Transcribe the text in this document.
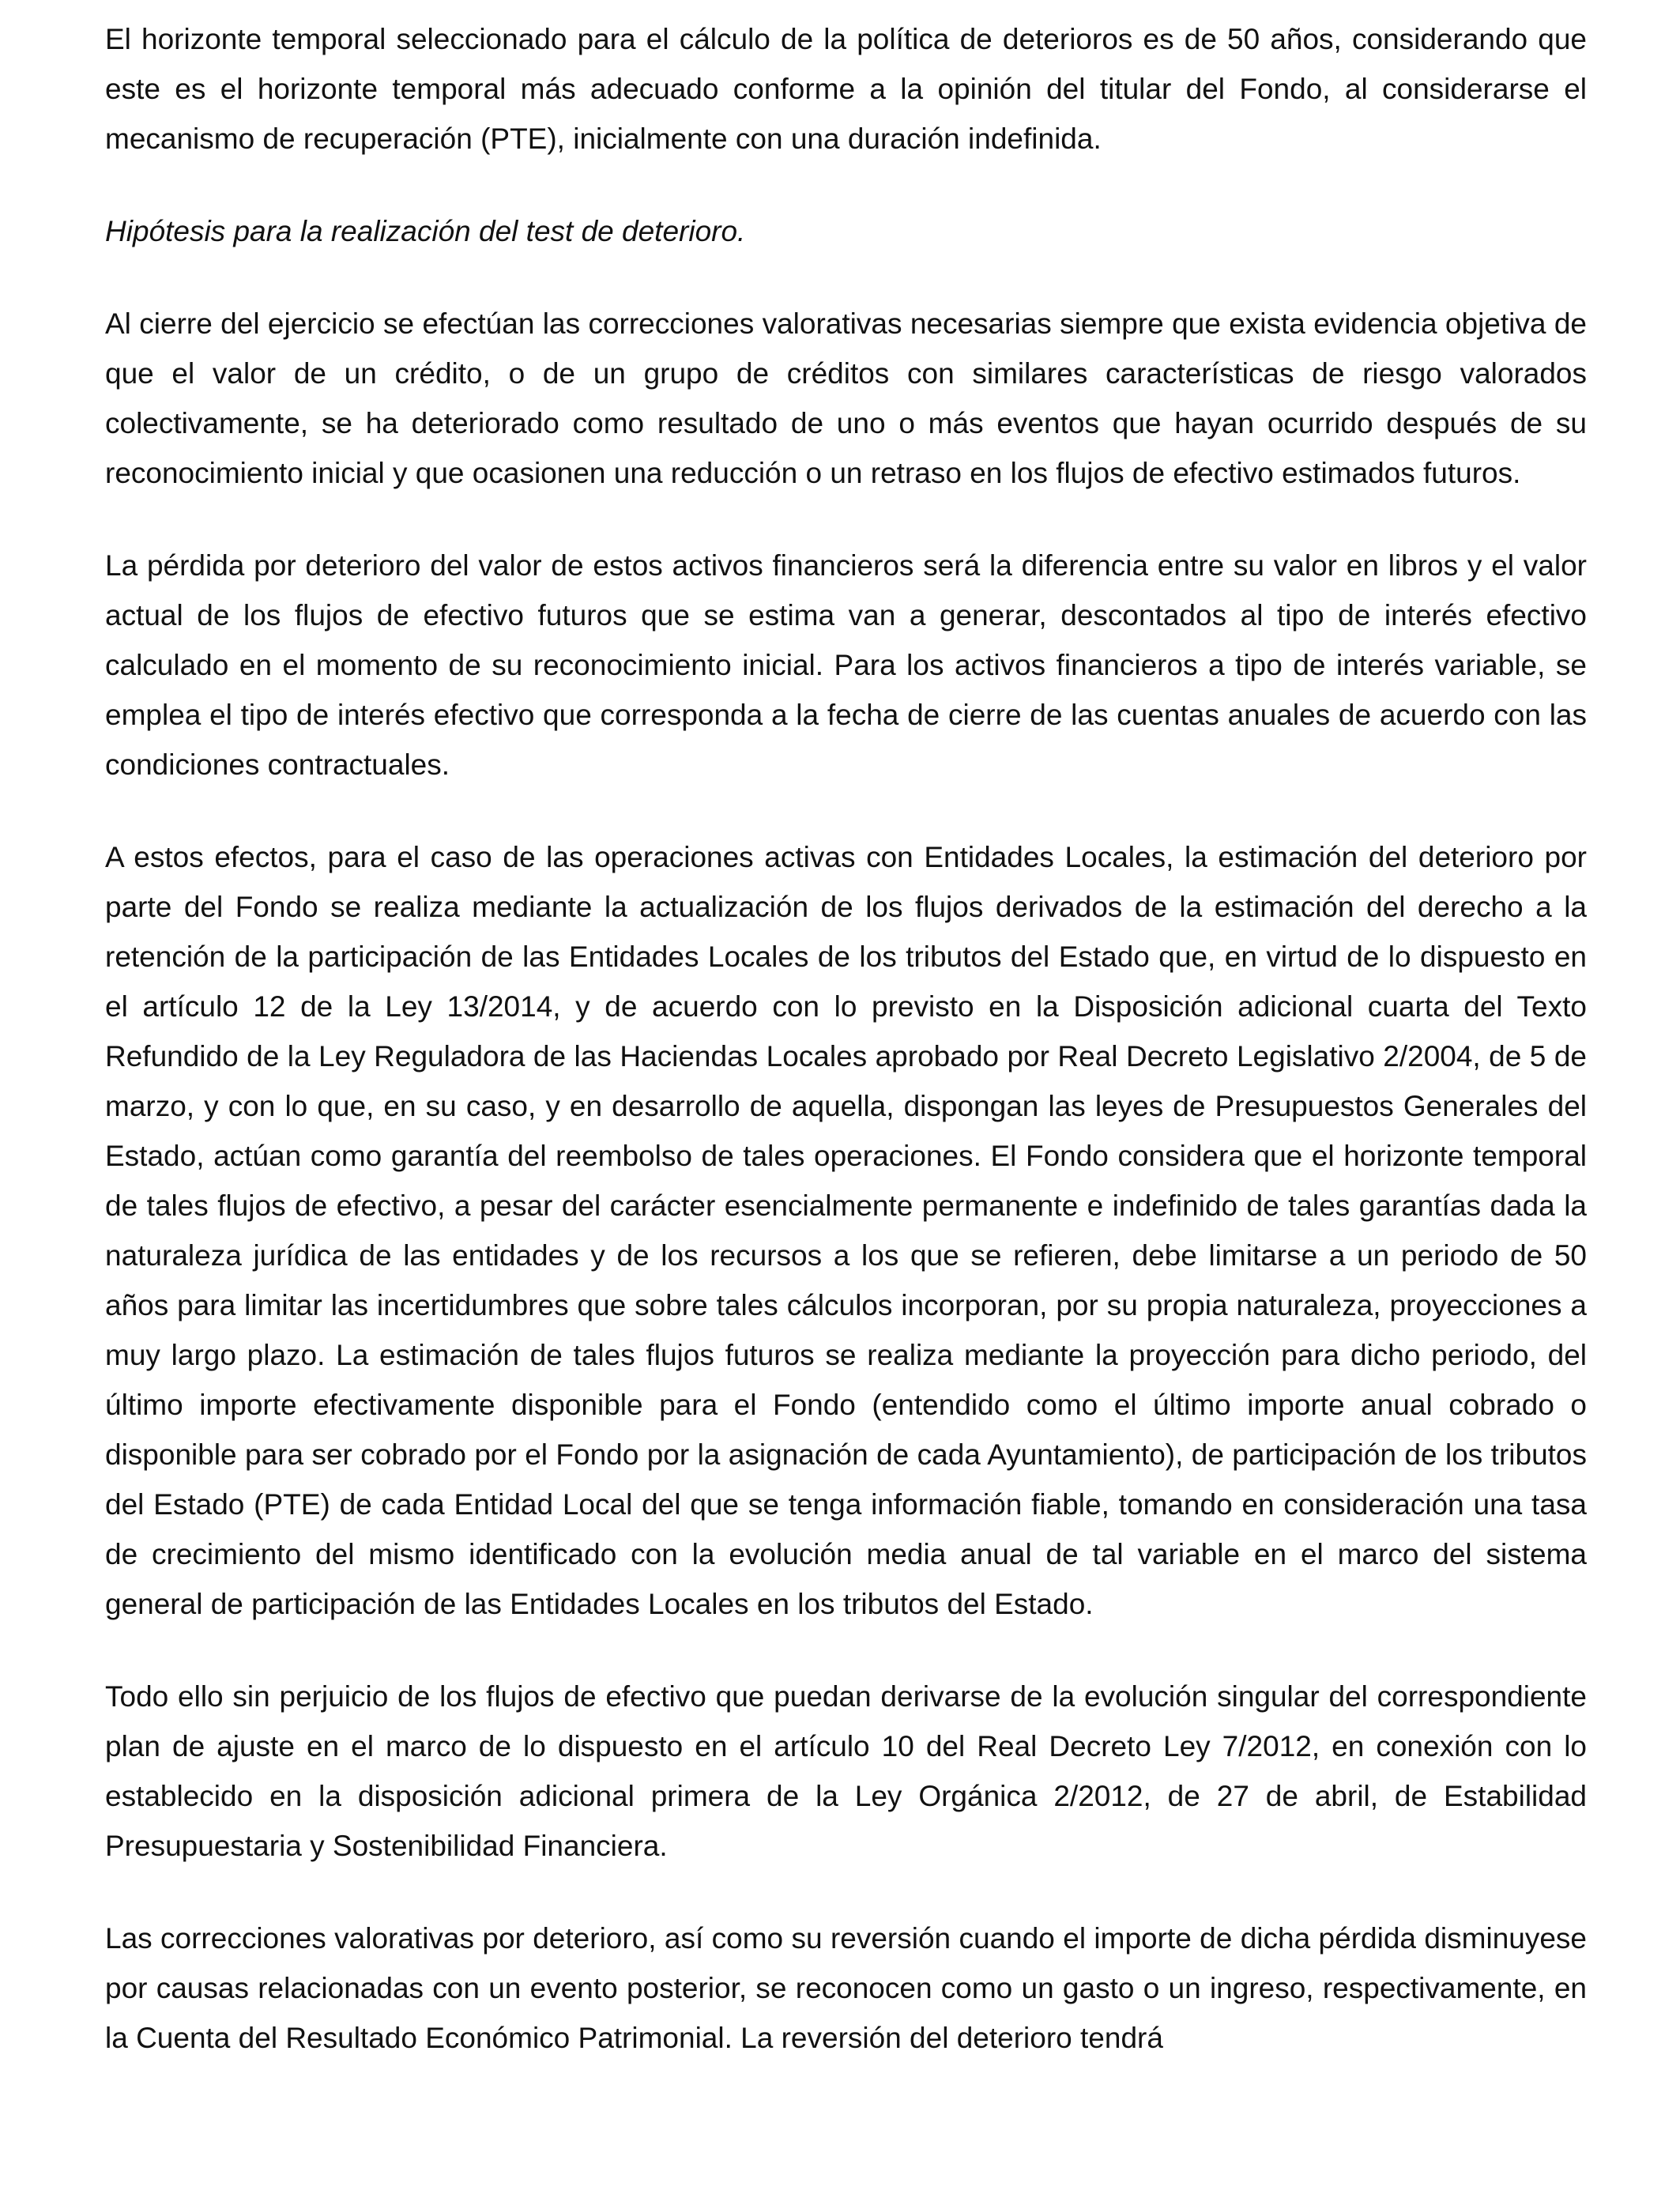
El horizonte temporal seleccionado para el cálculo de la política de deterioros es de 50 años, considerando que este es el horizonte temporal más adecuado conforme a la opinión del titular del Fondo, al considerarse el mecanismo de recuperación (PTE), inicialmente con una duración indefinida.

Hipótesis para la realización del test de deterioro.

Al cierre del ejercicio se efectúan las correcciones valorativas necesarias siempre que exista evidencia objetiva de que el valor de un crédito, o de un grupo de créditos con similares características de riesgo valorados colectivamente, se ha deteriorado como resultado de uno o más eventos que hayan ocurrido después de su reconocimiento inicial y que ocasionen una reducción o un retraso en los flujos de efectivo estimados futuros.

La pérdida por deterioro del valor de estos activos financieros será la diferencia entre su valor en libros y el valor actual de los flujos de efectivo futuros que se estima van a generar, descontados al tipo de interés efectivo calculado en el momento de su reconocimiento inicial. Para los activos financieros a tipo de interés variable, se emplea el tipo de interés efectivo que corresponda a la fecha de cierre de las cuentas anuales de acuerdo con las condiciones contractuales.

A estos efectos, para el caso de las operaciones activas con Entidades Locales, la estimación del deterioro por parte del Fondo se realiza mediante la actualización de los flujos derivados de la estimación del derecho a la retención de la participación de las Entidades Locales de los tributos del Estado que, en virtud de lo dispuesto en el artículo 12 de la Ley 13/2014, y de acuerdo con lo previsto en la Disposición adicional cuarta del Texto Refundido de la Ley Reguladora de las Haciendas Locales aprobado por Real Decreto Legislativo 2/2004, de 5 de marzo, y con lo que, en su caso, y en desarrollo de aquella, dispongan las leyes de Presupuestos Generales del Estado, actúan como garantía del reembolso de tales operaciones. El Fondo considera que el horizonte temporal de tales flujos de efectivo, a pesar del carácter esencialmente permanente e indefinido de tales garantías dada la naturaleza jurídica de las entidades y de los recursos a los que se refieren, debe limitarse a un periodo de 50 años para limitar las incertidumbres que sobre tales cálculos incorporan, por su propia naturaleza, proyecciones a muy largo plazo. La estimación de tales flujos futuros se realiza mediante la proyección para dicho periodo, del último importe efectivamente disponible para el Fondo (entendido como el último importe anual cobrado o disponible para ser cobrado por el Fondo por la asignación de cada Ayuntamiento), de participación de los tributos del Estado (PTE) de cada Entidad Local del que se tenga información fiable, tomando en consideración una tasa de crecimiento del mismo identificado con la evolución media anual de tal variable en el marco del sistema general de participación de las Entidades Locales en los tributos del Estado.

Todo ello sin perjuicio de los flujos de efectivo que puedan derivarse de la evolución singular del correspondiente plan de ajuste en el marco de lo dispuesto en el artículo 10 del Real Decreto Ley 7/2012, en conexión con lo establecido en la disposición adicional primera de la Ley Orgánica 2/2012, de 27 de abril, de Estabilidad Presupuestaria y Sostenibilidad Financiera.

Las correcciones valorativas por deterioro, así como su reversión cuando el importe de dicha pérdida disminuyese por causas relacionadas con un evento posterior, se reconocen como un gasto o un ingreso, respectivamente, en la Cuenta del Resultado Económico Patrimonial. La reversión del deterioro tendrá
